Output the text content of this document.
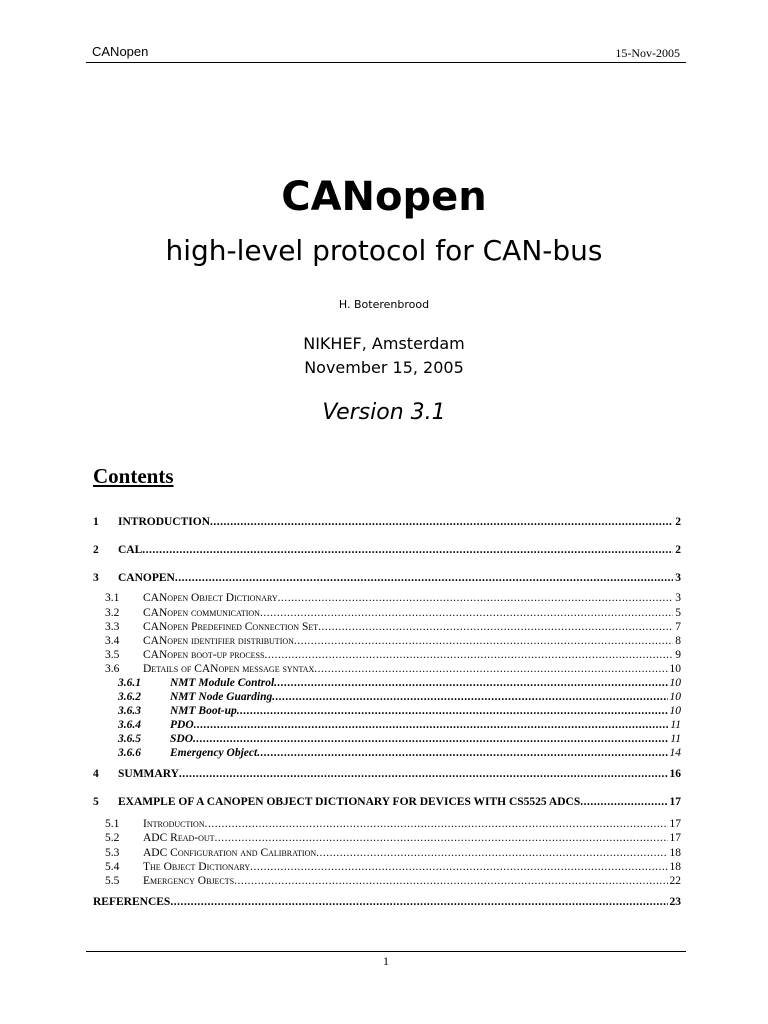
CANopen	15-Nov-2005
CANopen
high-level protocol for CAN-bus
H. Boterenbrood
NIKHEF, Amsterdam
November 15, 2005
Version 3.1
Contents
1	INTRODUCTION .....	2
2	CAL .....	2
3	CANOPEN .....	3
3.1	CANopen Object Dictionary .....	3
3.2	CANopen communication .....	5
3.3	CANopen Predefined Connection Set .....	7
3.4	CANopen identifier distribution .....	8
3.5	CANopen boot-up process .....	9
3.6	Details of CANopen message syntax .....	10
3.6.1	NMT Module Control .....	10
3.6.2	NMT Node Guarding .....	10
3.6.3	NMT Boot-up .....	10
3.6.4	PDO .....	11
3.6.5	SDO .....	11
3.6.6	Emergency Object .....	14
4	SUMMARY .....	16
5	EXAMPLE OF A CANOPEN OBJECT DICTIONARY FOR DEVICES WITH CS5525 ADCS .....	17
5.1	Introduction .....	17
5.2	ADC Read-out .....	17
5.3	ADC Configuration and Calibration .....	18
5.4	The Object Dictionary .....	18
5.5	Emergency Objects .....	22
REFERENCES .....	23
1
